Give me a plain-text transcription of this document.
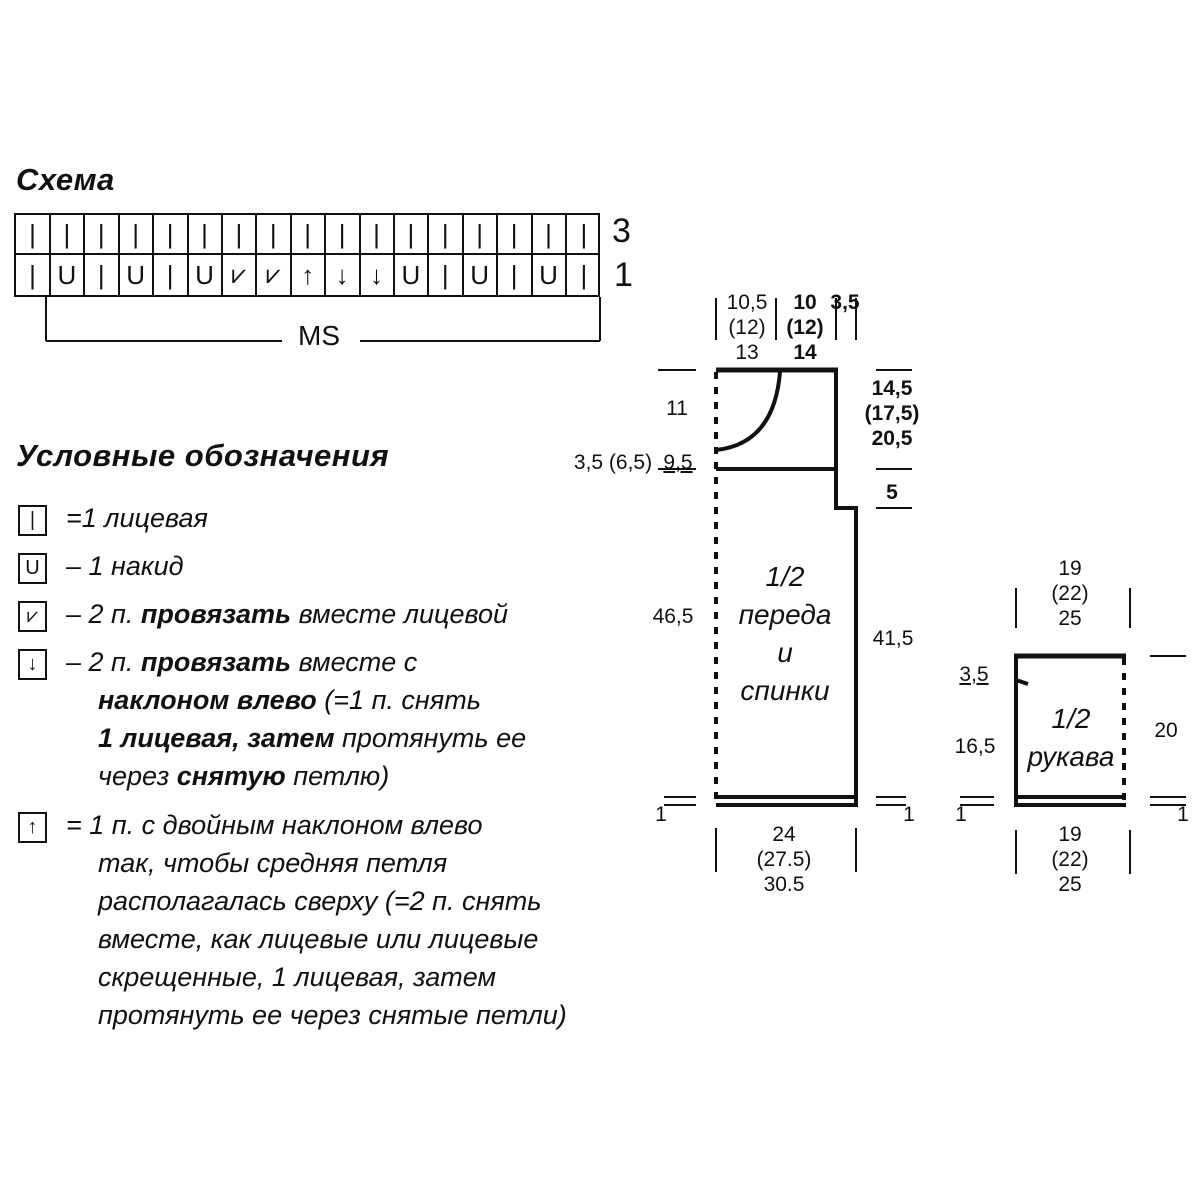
Схема
|	|	|	|	|	|	|	|	|	|	|	|	|	|	|	|	|
| U | U | U ⩗ ⩗ ↑ ↓ ↓ U | U | U |
3
1
MS
Условные обозначения
|	=1 лицевая
U – 1 накид
⩗	– 2 п. провязать вместе лицевой
↓	– 2 п. провязать вместе с
наклоном влево (=1 п. снять
1 лицевая, затем протянуть ее
через снятую петлю)
↑	= 1 п. с двойным наклоном влево
так, чтобы средняя петля
располагалась сверху (=2 п. снять
вместе, как лицевые или лицевые
скрещенные, 1 лицевая, затем
протянуть ее через снятые петли)
10,5
(12)
13
10
(12)
14
3,5
11
3,5 (6,5) 9,5
14,5
(17,5)
20,5
5
46,5
41,5
1	1
24
(27.5)
30.5
1/2
переда
и
спинки
19
(22)
25
3,5
16,5
20
1	1
19
(22)
25
1/2
рукава
